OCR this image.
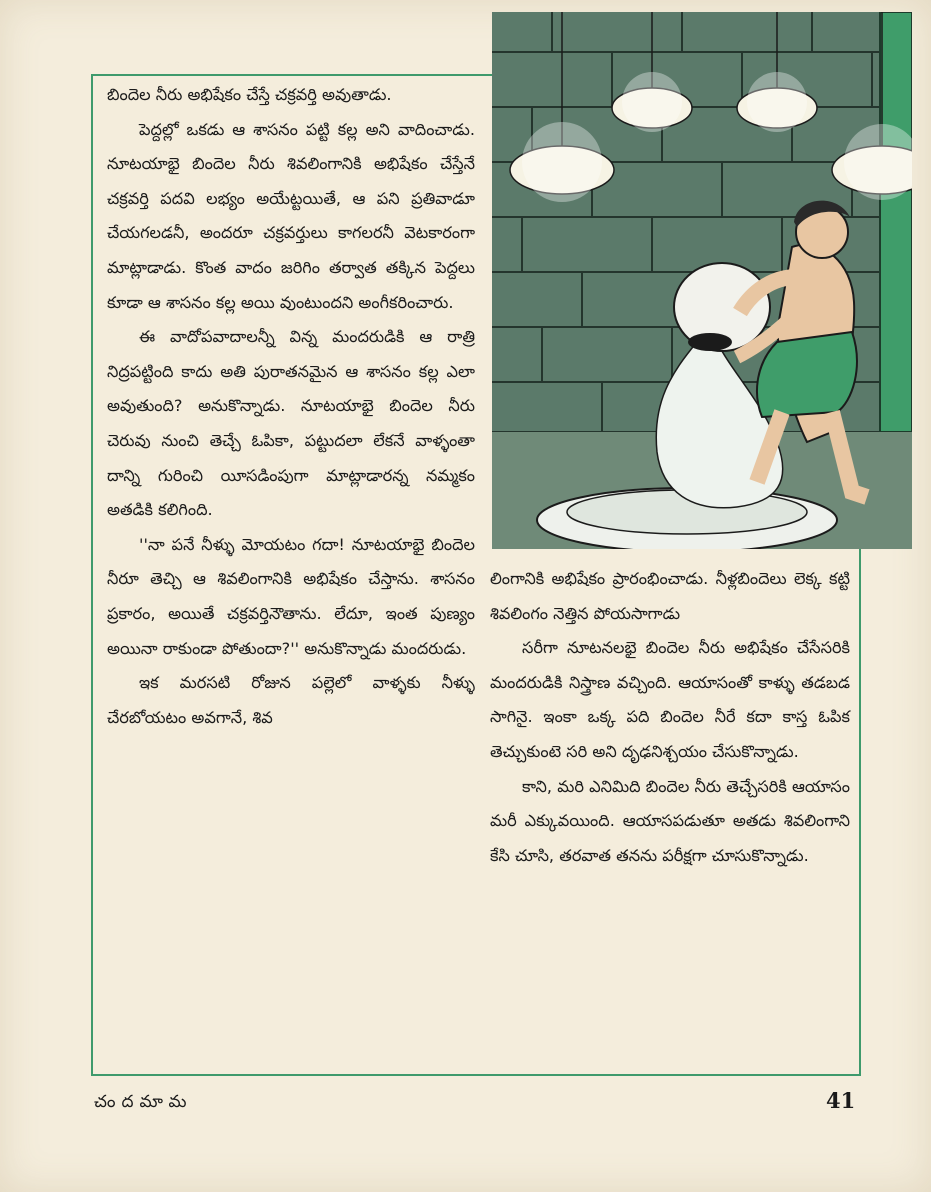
బిందెల నీరు అభిషేకం చేస్తే చక్రవర్తి అవుతాడు.

పెద్దల్లో ఒకడు ఆ శాసనం పట్టి కల్ల అని వాదించాడు. నూటయాభై బిందెల నీరు శివలింగానికి అభిషేకం చేస్తేనే చక్రవర్తి పదవి లభ్యం అయేట్టయితే, ఆ పని ప్రతివాడూ చేయగలడనీ, అందరూ చక్రవర్తులు కాగలరనీ వెటకారంగా మాట్లాడాడు. కొంత వాదం జరిగిం తర్వాత తక్కిన పెద్దలు కూడా ఆ శాసనం కల్ల అయి వుంటుందని అంగీకరించారు.

ఈ వాదోపవాదాలన్నీ విన్న మందరుడికి ఆ రాత్రి నిద్రపట్టింది కాదు అతి పురాతనమైన ఆ శాసనం కల్ల ఎలా అవుతుంది? అనుకొన్నాడు. నూటయాభై బిందెల నీరు చెరువు నుంచి తెచ్చే ఓపికా, పట్టుదలా లేకనే వాళ్ళంతా దాన్ని గురించి యీసడింపుగా మాట్లాడారన్న నమ్మకం అతడికి కలిగింది.

''నా పనే నీళ్ళు మోయటం గదా! నూటయాభై బిందెల నీరూ తెచ్చి ఆ శివలింగానికి అభిషేకం చేస్తాను. శాసనం ప్రకారం, అయితే చక్రవర్తినౌతాను. లేదూ, ఇంత పుణ్యం అయినా రాకుండా పోతుందా?'' అనుకొన్నాడు మందరుడు.

ఇక మరసటి రోజున పల్లెలో వాళ్ళకు నీళ్ళు చేరబోయటం అవగానే, శివ

లింగానికి అభిషేకం ప్రారంభించాడు. నీళ్లబిందెలు లెక్క కట్టి శివలింగం నెత్తిన పోయసాగాడు

సరీగా నూటనలభై బిందెల నీరు అభిషేకం చేసేసరికి మందరుడికి నిస్త్రాణ వచ్చింది. ఆయాసంతో కాళ్ళు తడబడ సాగినై. ఇంకా ఒక్క పది బిందెల నీరే కదా కాస్త ఓపిక తెచ్చుకుంటె సరి అని దృఢనిశ్చయం చేసుకొన్నాడు.

కాని, మరి ఎనిమిది బిందెల నీరు తెచ్చేసరికి ఆయాసం మరీ ఎక్కువయింది. ఆయాసపడుతూ అతడు శివలింగాని కేసి చూసి, తరవాత తనను పరీక్షగా చూసుకొన్నాడు.

చందమామ	41
